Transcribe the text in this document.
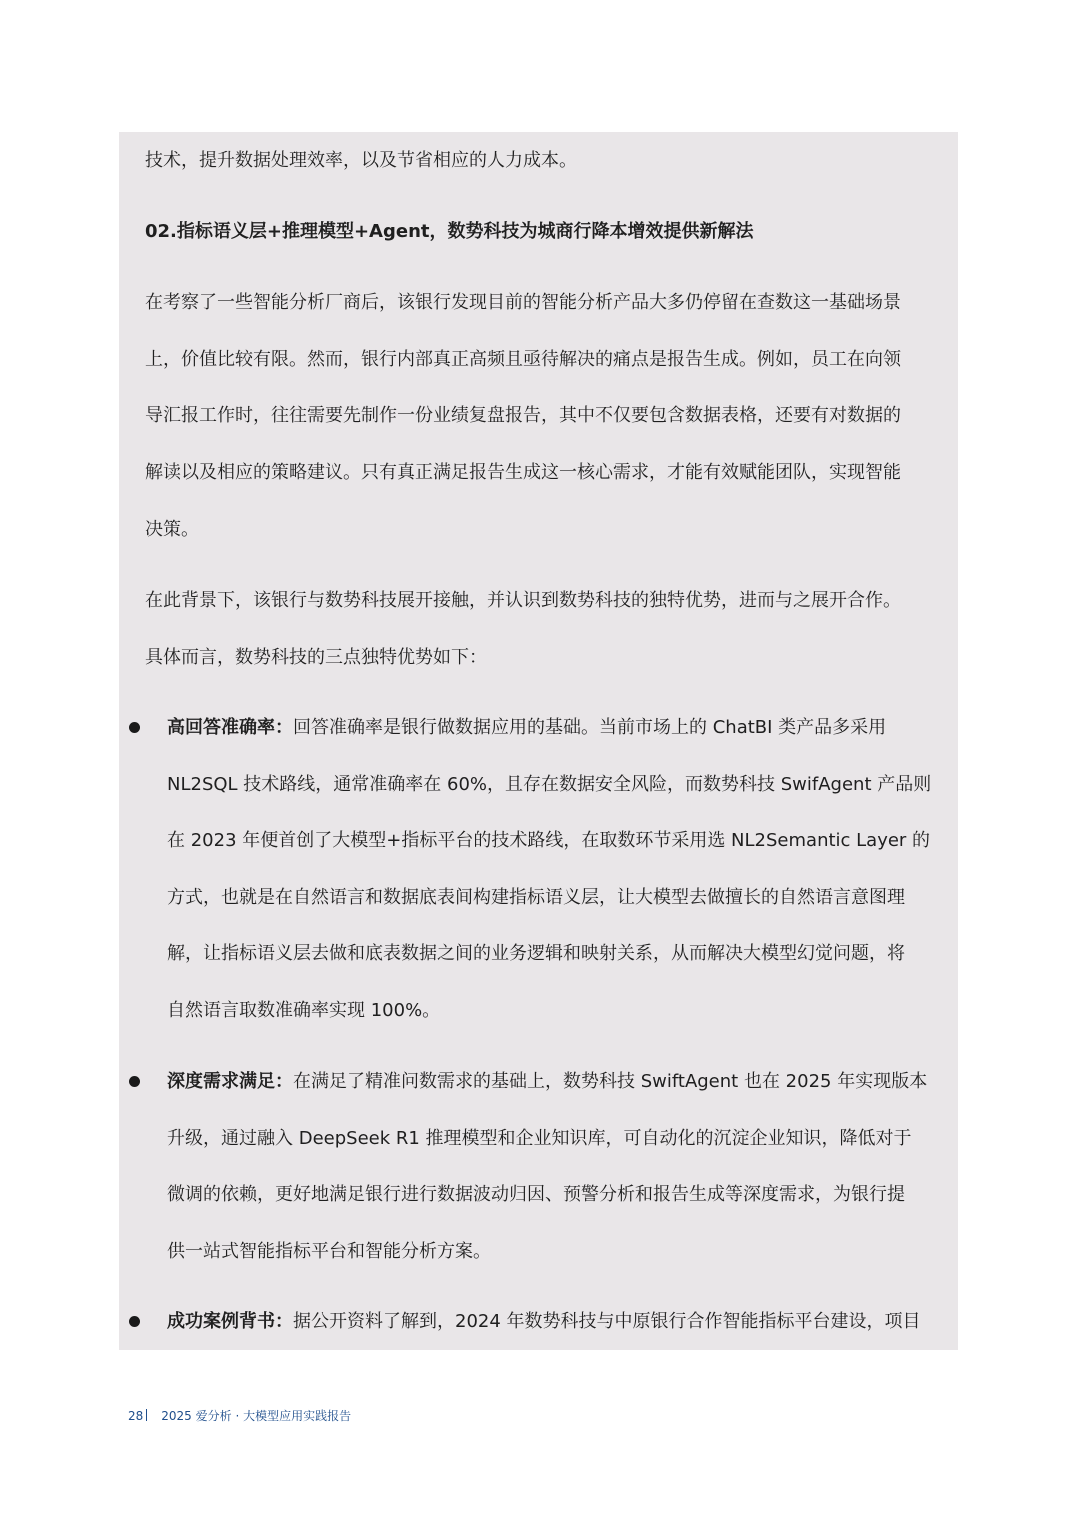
技术，提升数据处理效率，以及节省相应的人力成本。
02.指标语义层+推理模型+Agent，数势科技为城商行降本增效提供新解法
在考察了一些智能分析厂商后，该银行发现目前的智能分析产品大多仍停留在查数这一基础场景
上，价值比较有限。然而，银行内部真正高频且亟待解决的痛点是报告生成。例如，员工在向领
导汇报工作时，往往需要先制作一份业绩复盘报告，其中不仅要包含数据表格，还要有对数据的
解读以及相应的策略建议。只有真正满足报告生成这一核心需求，才能有效赋能团队，实现智能
决策。
在此背景下，该银行与数势科技展开接触，并认识到数势科技的独特优势，进而与之展开合作。
具体而言，数势科技的三点独特优势如下：
高回答准确率：回答准确率是银行做数据应用的基础。当前市场上的 ChatBI 类产品多采用
NL2SQL 技术路线，通常准确率在 60%，且存在数据安全风险，而数势科技 SwifAgent 产品则
在 2023 年便首创了大模型+指标平台的技术路线，在取数环节采用选 NL2Semantic Layer 的
方式，也就是在自然语言和数据底表间构建指标语义层，让大模型去做擅长的自然语言意图理
解，让指标语义层去做和底表数据之间的业务逻辑和映射关系，从而解决大模型幻觉问题，将
自然语言取数准确率实现 100%。
深度需求满足：在满足了精准问数需求的基础上，数势科技 SwiftAgent 也在 2025 年实现版本
升级，通过融入 DeepSeek R1 推理模型和企业知识库，可自动化的沉淀企业知识，降低对于
微调的依赖，更好地满足银行进行数据波动归因、预警分析和报告生成等深度需求，为银行提
供一站式智能指标平台和智能分析方案。
成功案例背书：据公开资料了解到，2024 年数势科技与中原银行合作智能指标平台建设，项目
28 2025 爱分析 · 大模型应用实践报告
